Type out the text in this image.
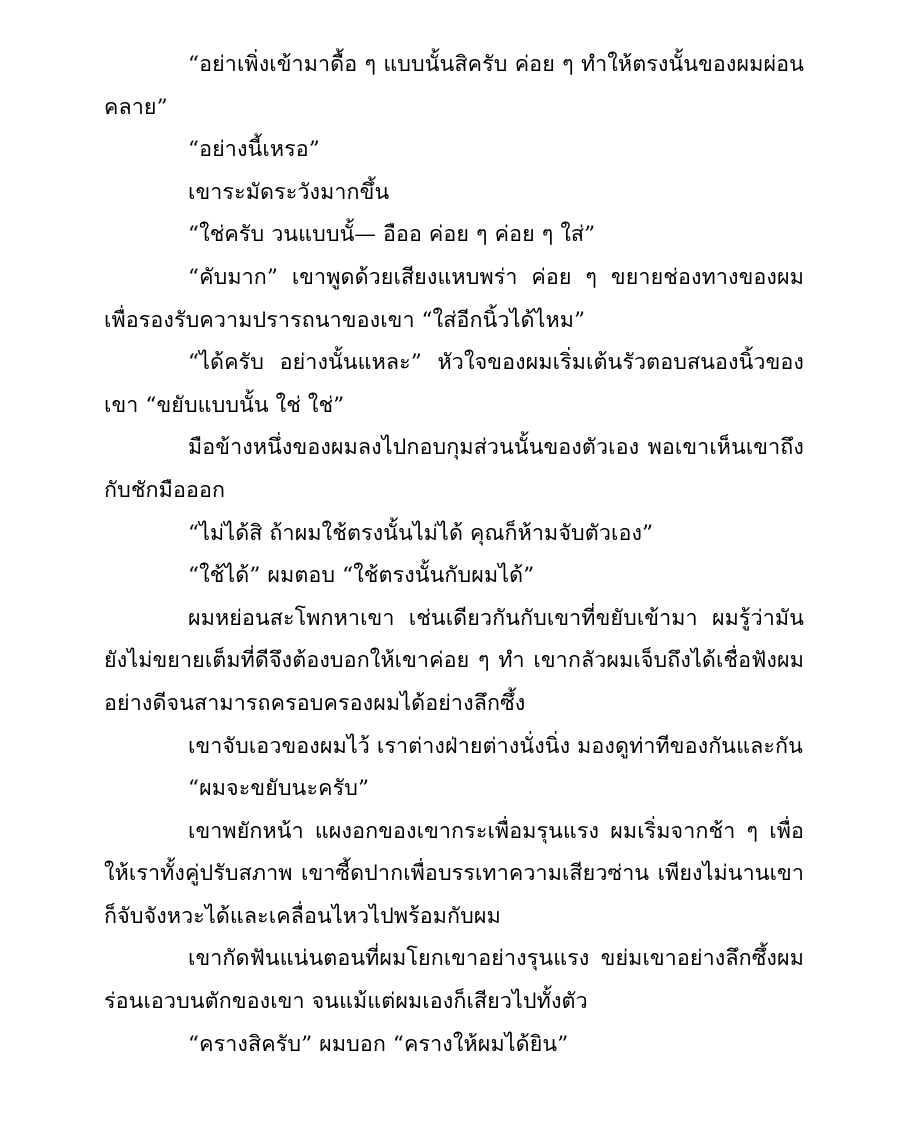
“อย่าเพิ่งเข้ามาดื้อ ๆ แบบนั้นสิครับ ค่อย ๆ ทำให้ตรงนั้นของผมผ่อนคลาย”

“อย่างนี้เหรอ”

เขาระมัดระวังมากขึ้น

“ใช่ครับ วนแบบนั้— อืออ ค่อย ๆ ค่อย ๆ ใส่”

“คับมาก” เขาพูดด้วยเสียงแหบพร่า ค่อย ๆ ขยายช่องทางของผมเพื่อรองรับความปรารถนาของเขา “ใส่อีกนิ้วได้ไหม”

“ได้ครับ อย่างนั้นแหละ” หัวใจของผมเริ่มเต้นรัวตอบสนองนิ้วของเขา “ขยับแบบนั้น ใช่ ใช่”

มือข้างหนึ่งของผมลงไปกอบกุมส่วนนั้นของตัวเอง พอเขาเห็นเขาถึงกับชักมือออก

“ไม่ได้สิ ถ้าผมใช้ตรงนั้นไม่ได้ คุณก็ห้ามจับตัวเอง”

“ใช้ได้” ผมตอบ “ใช้ตรงนั้นกับผมได้”

ผมหย่อนสะโพกหาเขา เช่นเดียวกันกับเขาที่ขยับเข้ามา ผมรู้ว่ามันยังไม่ขยายเต็มที่ดีจึงต้องบอกให้เขาค่อย ๆ ทำ เขากลัวผมเจ็บถึงได้เชื่อฟังผมอย่างดีจนสามารถครอบครองผมได้อย่างลึกซึ้ง

เขาจับเอวของผมไว้ เราต่างฝ่ายต่างนั่งนิ่ง มองดูท่าทีของกันและกัน

“ผมจะขยับนะครับ”

เขาพยักหน้า แผงอกของเขากระเพื่อมรุนแรง ผมเริ่มจากช้า ๆ เพื่อให้เราทั้งคู่ปรับสภาพ เขาซี้ดปากเพื่อบรรเทาความเสียวซ่าน เพียงไม่นานเขาก็จับจังหวะได้และเคลื่อนไหวไปพร้อมกับผม

เขากัดฟันแน่นตอนที่ผมโยกเขาอย่างรุนแรง ขย่มเขาอย่างลึกซึ้งผมร่อนเอวบนตักของเขา จนแม้แต่ผมเองก็เสียวไปทั้งตัว

“ครางสิครับ” ผมบอก “ครางให้ผมได้ยิน”
